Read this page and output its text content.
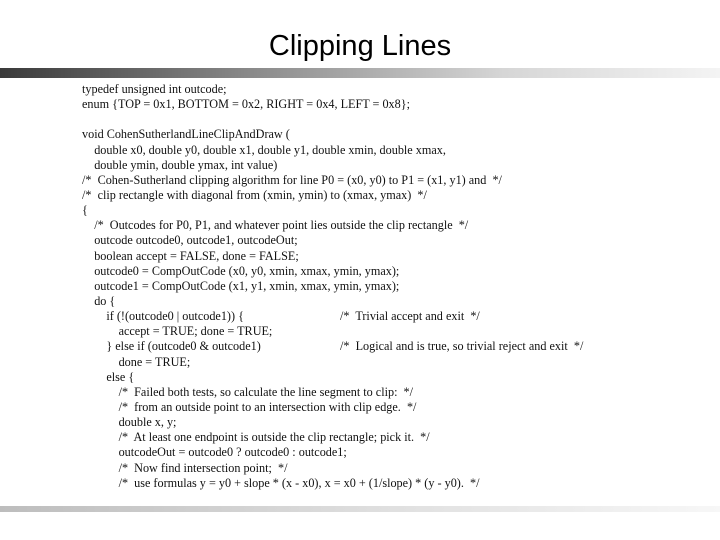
Clipping Lines
typedef unsigned int outcode;
enum {TOP = 0x1, BOTTOM = 0x2, RIGHT = 0x4, LEFT = 0x8};
void CohenSutherlandLineClipAndDraw (
double x0, double y0, double x1, double y1, double xmin, double xmax,
double ymin, double ymax, int value)
/*  Cohen-Sutherland clipping algorithm for line P0 = (x0, y0) to P1 = (x1, y1) and  */
/*  clip rectangle with diagonal from (xmin, ymin) to (xmax, ymax)  */
{
/*  Outcodes for P0, P1, and whatever point lies outside the clip rectangle  */
outcode outcode0, outcode1, outcodeOut;
boolean accept = FALSE, done = FALSE;
outcode0 = CompOutCode (x0, y0, xmin, xmax, ymin, ymax);
outcode1 = CompOutCode (x1, y1, xmin, xmax, ymin, ymax);
do {
if (!(outcode0 | outcode1)) {	/*  Trivial accept and exit  */
accept = TRUE; done = TRUE;
} else if (outcode0 & outcode1)	/*  Logical and is true, so trivial reject and exit  */
done = TRUE;
else {
/*  Failed both tests, so calculate the line segment to clip:  */
/*  from an outside point to an intersection with clip edge.  */
double x, y;
/*  At least one endpoint is outside the clip rectangle; pick it.  */
outcodeOut = outcode0 ? outcode0 : outcode1;
/*  Now find intersection point;  */
/*  use formulas y = y0 + slope * (x - x0), x = x0 + (1/slope) * (y - y0).  */
